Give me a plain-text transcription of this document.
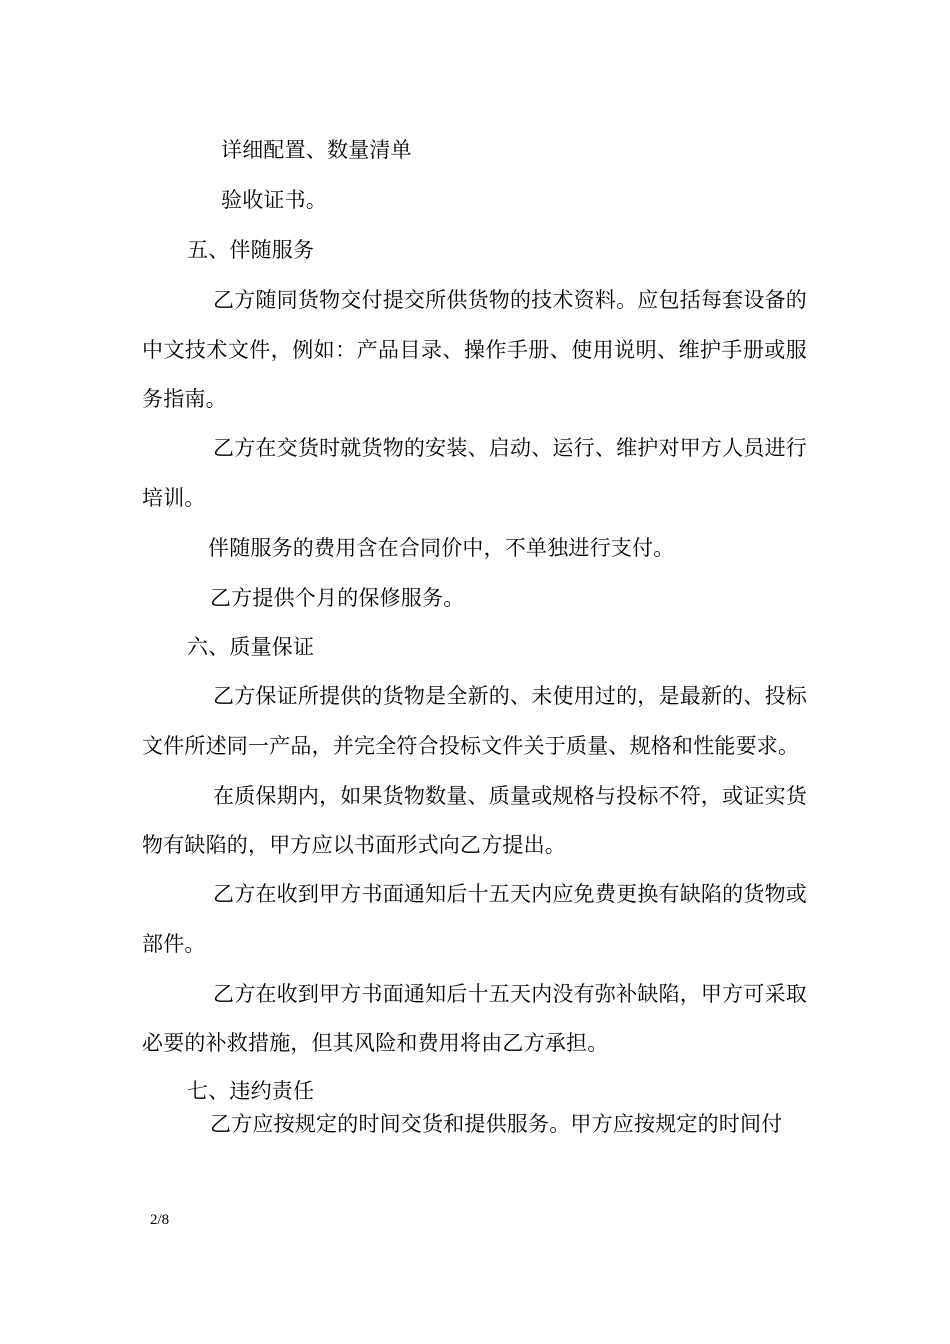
详细配置、数量清单
验收证书。
五、伴随服务
乙方随同货物交付提交所供货物的技术资料。应包括每套设备的
中文技术文件，例如：产品目录、操作手册、使用说明、维护手册或服
务指南。
乙方在交货时就货物的安装、启动、运行、维护对甲方人员进行
培训。
伴随服务的费用含在合同价中，不单独进行支付。
乙方提供个月的保修服务。
六、质量保证
乙方保证所提供的货物是全新的、未使用过的，是最新的、投标
文件所述同一产品，并完全符合投标文件关于质量、规格和性能要求。
在质保期内，如果货物数量、质量或规格与投标不符，或证实货
物有缺陷的，甲方应以书面形式向乙方提出。
乙方在收到甲方书面通知后十五天内应免费更换有缺陷的货物或
部件。
乙方在收到甲方书面通知后十五天内没有弥补缺陷，甲方可采取
必要的补救措施，但其风险和费用将由乙方承担。
七、违约责任
乙方应按规定的时间交货和提供服务。甲方应按规定的时间付
2/8
